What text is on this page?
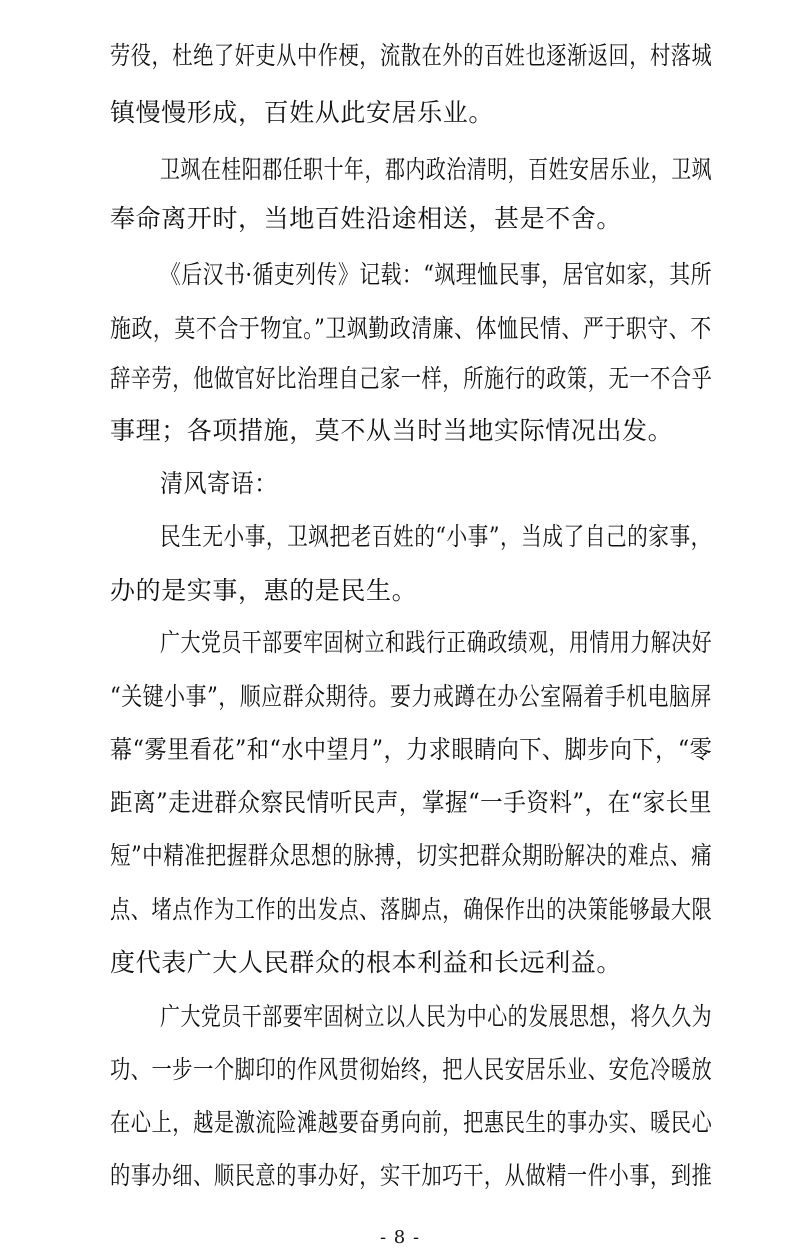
劳役，杜绝了奸吏从中作梗，流散在外的百姓也逐渐返回，村落城
镇慢慢形成，百姓从此安居乐业。
卫飒在桂阳郡任职十年，郡内政治清明，百姓安居乐业，卫飒
奉命离开时，当地百姓沿途相送，甚是不舍。
《后汉书·循吏列传》记载：“飒理恤民事，居官如家，其所
施政，莫不合于物宜。”卫飒勤政清廉、体恤民情、严于职守、不
辞辛劳，他做官好比治理自己家一样，所施行的政策，无一不合乎
事理；各项措施，莫不从当时当地实际情况出发。
清风寄语：
民生无小事，卫飒把老百姓的“小事”，当成了自己的家事，
办的是实事，惠的是民生。
广大党员干部要牢固树立和践行正确政绩观，用情用力解决好
“关键小事”，顺应群众期待。要力戒蹲在办公室隔着手机电脑屏
幕“雾里看花”和“水中望月”，力求眼睛向下、脚步向下，“零
距离”走进群众察民情听民声，掌握“一手资料”，在“家长里
短”中精准把握群众思想的脉搏，切实把群众期盼解决的难点、痛
点、堵点作为工作的出发点、落脚点，确保作出的决策能够最大限
度代表广大人民群众的根本利益和长远利益。
广大党员干部要牢固树立以人民为中心的发展思想，将久久为
功、一步一个脚印的作风贯彻始终，把人民安居乐业、安危冷暖放
在心上，越是激流险滩越要奋勇向前，把惠民生的事办实、暖民心
的事办细、顺民意的事办好，实干加巧干，从做精一件小事，到推
- 8 -
